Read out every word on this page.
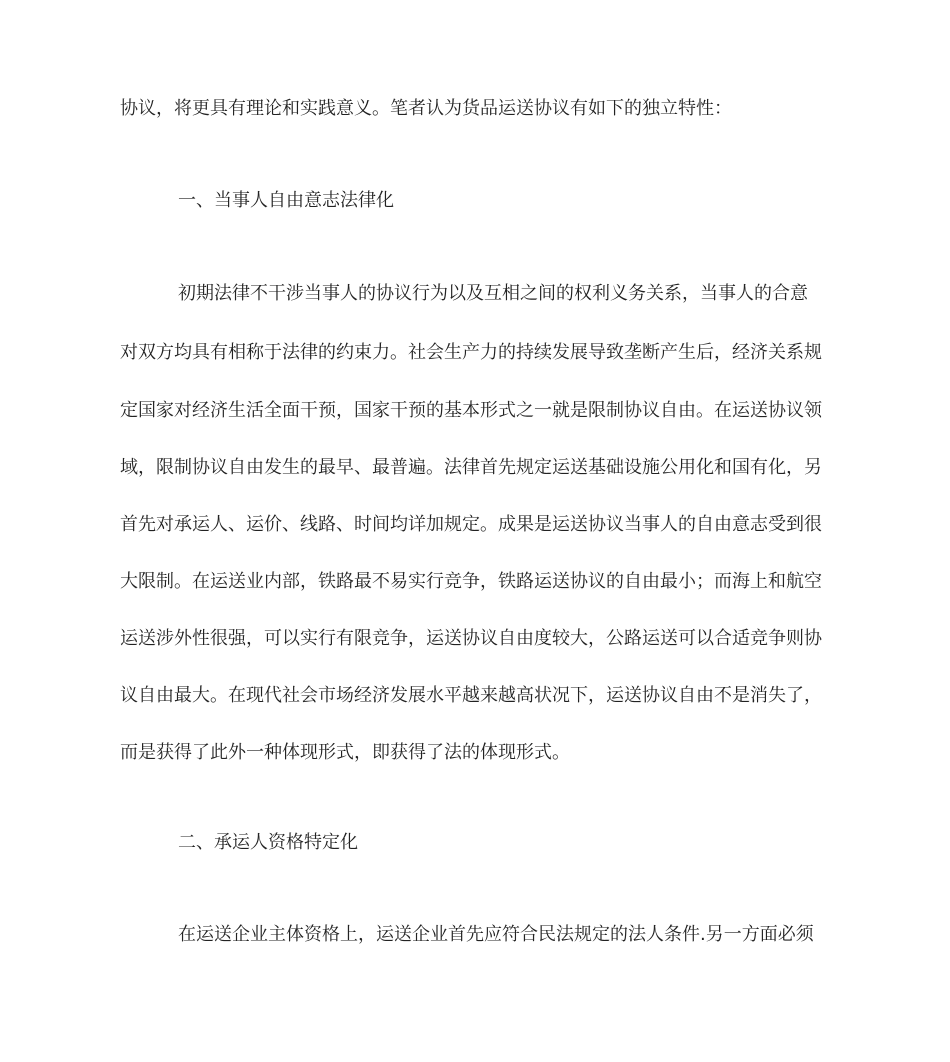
协议，将更具有理论和实践意义。笔者认为货品运送协议有如下的独立特性：
一、当事人自由意志法律化
初期法律不干涉当事人的协议行为以及互相之间的权利义务关系，当事人的合意
对双方均具有相称于法律的约束力。社会生产力的持续发展导致垄断产生后，经济关系规
定国家对经济生活全面干预，国家干预的基本形式之一就是限制协议自由。在运送协议领
域，限制协议自由发生的最早、最普遍。法律首先规定运送基础设施公用化和国有化，另
首先对承运人、运价、线路、时间均详加规定。成果是运送协议当事人的自由意志受到很
大限制。在运送业内部，铁路最不易实行竞争，铁路运送协议的自由最小；而海上和航空
运送涉外性很强，可以实行有限竞争，运送协议自由度较大，公路运送可以合适竞争则协
议自由最大。在现代社会市场经济发展水平越来越高状况下，运送协议自由不是消失了，
而是获得了此外一种体现形式，即获得了法的体现形式。
二、承运人资格特定化
在运送企业主体资格上，运送企业首先应符合民法规定的法人条件.另一方面必须
